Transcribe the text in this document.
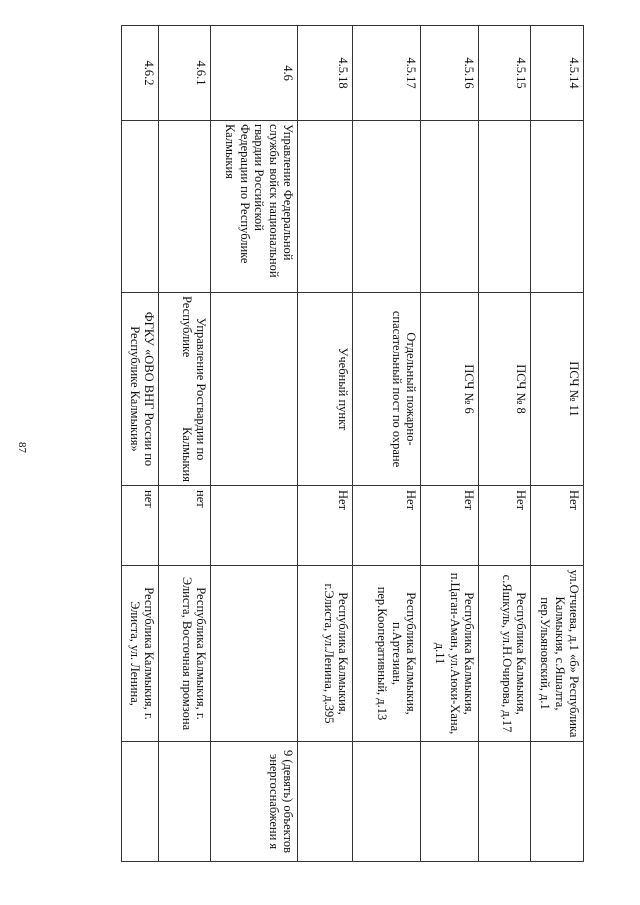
87
4.5.14		ПСЧ № 11	Нет	ул.Отчиева, д.1 «б» Республика Калмыкия, с.Яшалта, пер.Ульяновский, д.1	
4.5.15		ПСЧ № 8	Нет	Республика Калмыкия, с.Яшкуль, ул.Н.Очирова, д.17	
4.5.16		ПСЧ № 6	Нет	Республика Калмыкия, п.Цаган-Аман, ул.Аюки-Хана, д.11	
4.5.17		Отдельный пожарно-спасательный пост по охране	Нет	Республика Калмыкия, п.Артезиан, пер.Кооперативный, д.13	
4.5.18		Учебный пункт	Нет	Республика Калмыкия, г.Элиста, ул.Ленина, д.395	
4.6	Управление Федеральной службы войск национальной гвардии Российской Федерации по Республике Калмыкия				9 (девять) объектов энергоснабжени я
4.6.1		Управление Росгвардии по Республике Калмыкия	нет	Республика Калмыкия, г. Элиста, Восточная промзона	
4.6.2		ФГКУ «ОВО ВНГ России по Республике Калмыкия»	нет	Республика Калмыкия, г. Элиста, ул. Ленина,	
